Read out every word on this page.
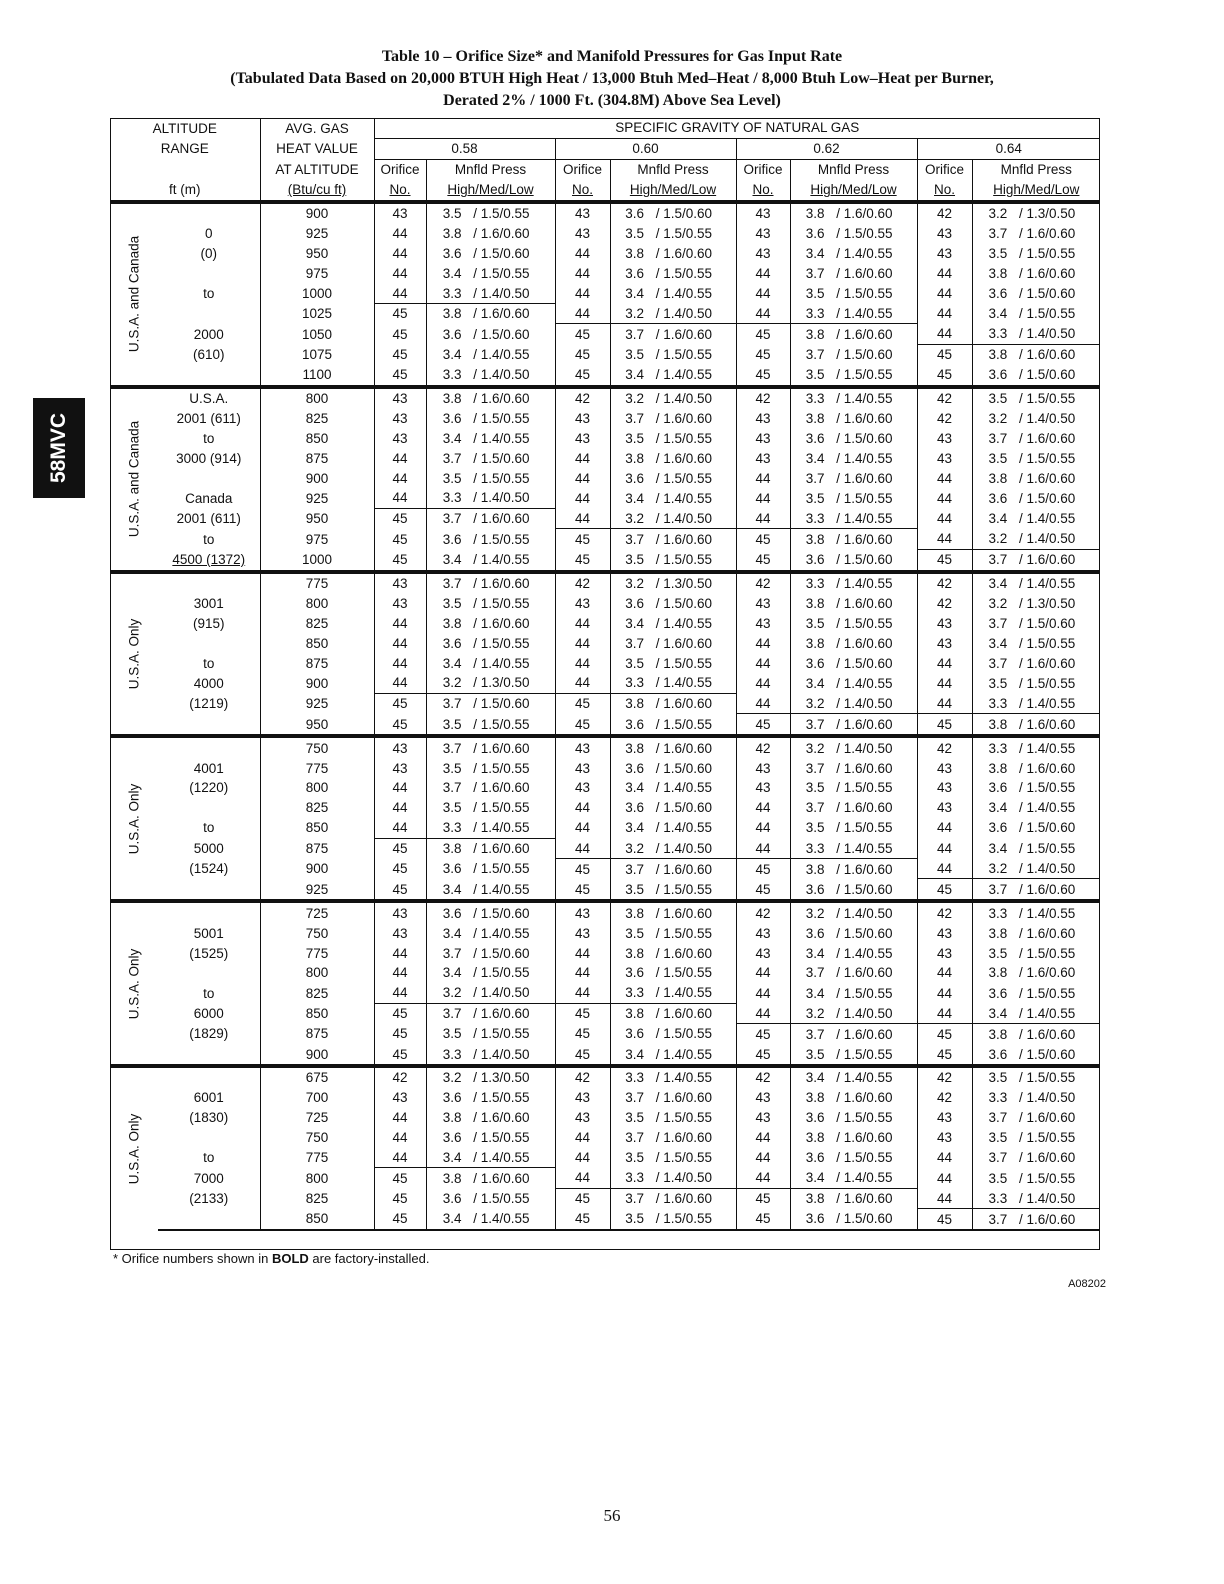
Table 10 – Orifice Size* and Manifold Pressures for Gas Input Rate
(Tabulated Data Based on 20,000 BTUH High Heat / 13,000 Btuh Med–Heat / 8,000 Btuh Low–Heat per Burner,
Derated 2% / 1000 Ft. (304.8M) Above Sea Level)
58MVC
ALTITUDE		AVG. GAS	SPECIFIC GRAVITY OF NATURAL GAS							
RANGE		HEAT VALUE	0.58		0.60		0.62		0.64	
		AT ALTITUDE	Orifice	Mnfld Press	Orifice	Mnfld Press	Orifice	Mnfld Press	Orifice	Mnfld Press
ft (m)		(Btu/cu ft)	No.	High/Med/Low	No.	High/Med/Low	No.	High/Med/Low	No.	High/Med/Low

U.S.A. and Canada		900	43	3.5/ 1.5/0.55	43	3.6/ 1.5/0.60	43	3.8/ 1.6/0.60	42	3.2/ 1.3/0.50
	0	925	44	3.8/ 1.6/0.60	43	3.5/ 1.5/0.55	43	3.6/ 1.5/0.55	43	3.7/ 1.6/0.60
	(0)	950	44	3.6/ 1.5/0.60	44	3.8/ 1.6/0.60	43	3.4/ 1.4/0.55	43	3.5/ 1.5/0.55
		975	44	3.4/ 1.5/0.55	44	3.6/ 1.5/0.55	44	3.7/ 1.6/0.60	44	3.8/ 1.6/0.60
	to	1000	44	3.3/ 1.4/0.50	44	3.4/ 1.4/0.55	44	3.5/ 1.5/0.55	44	3.6/ 1.5/0.60
		1025	45	3.8/ 1.6/0.60	44	3.2/ 1.4/0.50	44	3.3/ 1.4/0.55	44	3.4/ 1.5/0.55
	2000	1050	45	3.6/ 1.5/0.60	45	3.7/ 1.6/0.60	45	3.8/ 1.6/0.60	44	3.3/ 1.4/0.50
	(610)	1075	45	3.4/ 1.4/0.55	45	3.5/ 1.5/0.55	45	3.7/ 1.5/0.60	45	3.8/ 1.6/0.60
		1100	45	3.3/ 1.4/0.50	45	3.4/ 1.4/0.55	45	3.5/ 1.5/0.55	45	3.6/ 1.5/0.60

U.S.A. and Canada	U.S.A.	800	43	3.8/ 1.6/0.60	42	3.2/ 1.4/0.50	42	3.3/ 1.4/0.55	42	3.5/ 1.5/0.55
	2001 (611)	825	43	3.6/ 1.5/0.55	43	3.7/ 1.6/0.60	43	3.8/ 1.6/0.60	42	3.2/ 1.4/0.50
	to	850	43	3.4/ 1.4/0.55	43	3.5/ 1.5/0.55	43	3.6/ 1.5/0.60	43	3.7/ 1.6/0.60
	3000 (914)	875	44	3.7/ 1.5/0.60	44	3.8/ 1.6/0.60	43	3.4/ 1.4/0.55	43	3.5/ 1.5/0.55
		900	44	3.5/ 1.5/0.55	44	3.6/ 1.5/0.55	44	3.7/ 1.6/0.60	44	3.8/ 1.6/0.60
	Canada	925	44	3.3/ 1.4/0.50	44	3.4/ 1.4/0.55	44	3.5/ 1.5/0.55	44	3.6/ 1.5/0.60
	2001 (611)	950	45	3.7/ 1.6/0.60	44	3.2/ 1.4/0.50	44	3.3/ 1.4/0.55	44	3.4/ 1.4/0.55
	to	975	45	3.6/ 1.5/0.55	45	3.7/ 1.6/0.60	45	3.8/ 1.6/0.60	44	3.2/ 1.4/0.50
	4500 (1372)	1000	45	3.4/ 1.4/0.55	45	3.5/ 1.5/0.55	45	3.6/ 1.5/0.60	45	3.7/ 1.6/0.60

U.S.A. Only		775	43	3.7/ 1.6/0.60	42	3.2/ 1.3/0.50	42	3.3/ 1.4/0.55	42	3.4/ 1.4/0.55
	3001	800	43	3.5/ 1.5/0.55	43	3.6/ 1.5/0.60	43	3.8/ 1.6/0.60	42	3.2/ 1.3/0.50
	(915)	825	44	3.8/ 1.6/0.60	44	3.4/ 1.4/0.55	43	3.5/ 1.5/0.55	43	3.7/ 1.5/0.60
		850	44	3.6/ 1.5/0.55	44	3.7/ 1.6/0.60	44	3.8/ 1.6/0.60	43	3.4/ 1.5/0.55
	to	875	44	3.4/ 1.4/0.55	44	3.5/ 1.5/0.55	44	3.6/ 1.5/0.60	44	3.7/ 1.6/0.60
	4000	900	44	3.2/ 1.3/0.50	44	3.3/ 1.4/0.55	44	3.4/ 1.4/0.55	44	3.5/ 1.5/0.55
	(1219)	925	45	3.7/ 1.5/0.60	45	3.8/ 1.6/0.60	44	3.2/ 1.4/0.50	44	3.3/ 1.4/0.55
		950	45	3.5/ 1.5/0.55	45	3.6/ 1.5/0.55	45	3.7/ 1.6/0.60	45	3.8/ 1.6/0.60

U.S.A. Only		750	43	3.7/ 1.6/0.60	43	3.8/ 1.6/0.60	42	3.2/ 1.4/0.50	42	3.3/ 1.4/0.55
	4001	775	43	3.5/ 1.5/0.55	43	3.6/ 1.5/0.60	43	3.7/ 1.6/0.60	43	3.8/ 1.6/0.60
	(1220)	800	44	3.7/ 1.6/0.60	43	3.4/ 1.4/0.55	43	3.5/ 1.5/0.55	43	3.6/ 1.5/0.55
		825	44	3.5/ 1.5/0.55	44	3.6/ 1.5/0.60	44	3.7/ 1.6/0.60	43	3.4/ 1.4/0.55
	to	850	44	3.3/ 1.4/0.55	44	3.4/ 1.4/0.55	44	3.5/ 1.5/0.55	44	3.6/ 1.5/0.60
	5000	875	45	3.8/ 1.6/0.60	44	3.2/ 1.4/0.50	44	3.3/ 1.4/0.55	44	3.4/ 1.5/0.55
	(1524)	900	45	3.6/ 1.5/0.55	45	3.7/ 1.6/0.60	45	3.8/ 1.6/0.60	44	3.2/ 1.4/0.50
		925	45	3.4/ 1.4/0.55	45	3.5/ 1.5/0.55	45	3.6/ 1.5/0.60	45	3.7/ 1.6/0.60

U.S.A. Only		725	43	3.6/ 1.5/0.60	43	3.8/ 1.6/0.60	42	3.2/ 1.4/0.50	42	3.3/ 1.4/0.55
	5001	750	43	3.4/ 1.4/0.55	43	3.5/ 1.5/0.55	43	3.6/ 1.5/0.60	43	3.8/ 1.6/0.60
	(1525)	775	44	3.7/ 1.5/0.60	44	3.8/ 1.6/0.60	43	3.4/ 1.4/0.55	43	3.5/ 1.5/0.55
		800	44	3.4/ 1.5/0.55	44	3.6/ 1.5/0.55	44	3.7/ 1.6/0.60	44	3.8/ 1.6/0.60
	to	825	44	3.2/ 1.4/0.50	44	3.3/ 1.4/0.55	44	3.4/ 1.5/0.55	44	3.6/ 1.5/0.55
	6000	850	45	3.7/ 1.6/0.60	45	3.8/ 1.6/0.60	44	3.2/ 1.4/0.50	44	3.4/ 1.4/0.55
	(1829)	875	45	3.5/ 1.5/0.55	45	3.6/ 1.5/0.55	45	3.7/ 1.6/0.60	45	3.8/ 1.6/0.60
		900	45	3.3/ 1.4/0.50	45	3.4/ 1.4/0.55	45	3.5/ 1.5/0.55	45	3.6/ 1.5/0.60

U.S.A. Only		675	42	3.2/ 1.3/0.50	42	3.3/ 1.4/0.55	42	3.4/ 1.4/0.55	42	3.5/ 1.5/0.55
	6001	700	43	3.6/ 1.5/0.55	43	3.7/ 1.6/0.60	43	3.8/ 1.6/0.60	42	3.3/ 1.4/0.50
	(1830)	725	44	3.8/ 1.6/0.60	43	3.5/ 1.5/0.55	43	3.6/ 1.5/0.55	43	3.7/ 1.6/0.60
		750	44	3.6/ 1.5/0.55	44	3.7/ 1.6/0.60	44	3.8/ 1.6/0.60	43	3.5/ 1.5/0.55
	to	775	44	3.4/ 1.4/0.55	44	3.5/ 1.5/0.55	44	3.6/ 1.5/0.55	44	3.7/ 1.6/0.60
	7000	800	45	3.8/ 1.6/0.60	44	3.3/ 1.4/0.50	44	3.4/ 1.4/0.55	44	3.5/ 1.5/0.55
	(2133)	825	45	3.6/ 1.5/0.55	45	3.7/ 1.6/0.60	45	3.8/ 1.6/0.60	44	3.3/ 1.4/0.50
		850	45	3.4/ 1.4/0.55	45	3.5/ 1.5/0.55	45	3.6/ 1.5/0.60	45	3.7/ 1.6/0.60
* Orifice numbers shown in BOLD are factory-installed.
A08202
56
